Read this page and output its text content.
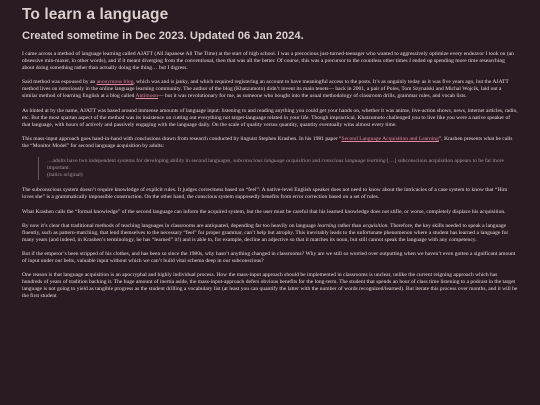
To learn a language
Created sometime in Dec 2023. Updated 06 Jan 2024.

I came across a method of language learning called AJATT (All Japanese All The Time) at the start of high school. I was a precocious just-turned-teenager who wanted to aggressively optimize every endeavor I took on (an obsessive min-maxer, in other words), and if it meant diverging from the conventional, then that was all the better. Of course, this was a precursor to the countless other times I ended up spending more time researching about doing something rather than actually doing the thing… but I digress.

Said method was espoused by an anonymous blog, which was and is janky, and which required registering an account to have meaningful access to the posts. It’s as ungainly today as it was five years ago, but the AJATT method lives on notoriously in the online language learning community. The author of the blog (Khatzumoto) didn’t invent its main tenets— back in 2001, a pair of Poles, Tom Szynalski and Michal Wojcik, laid out a similar method of learning English at a blog called Antimoon— but it was revolutionary for me, as someone who bought into the usual methodology of classroom drills, grammar rules, and vocab lists.

As hinted at by the name, AJATT was based around immense amounts of language input: listening to and reading anything you could get your hands on, whether it was anime, live-action shows, news, internet articles, radio, etc. But the most spartan aspect of the method was its insistence on cutting out everything not target-language related in your life. Though impractical, Khatzumoto challenged you to live like you were a native speaker of that language, with hours of actively and passively engaging with the language daily. On the scale of quality versus quantity, quantity eventually wins almost every time.

This mass-input approach goes hand-in-hand with conclusions drawn from research conducted by linguist Stephen Krashen. In his 1981 paper “Second Language Acquisition and Learning”, Krashen presents what he calls the “Monitor Model” for second language acquisition by adults:

…adults have two independent systems for developing ability in second languages, subconscious language acquisition and conscious language learning […] subconscious acquisition appears to be far more important.
(italics original)

The subconscious system doesn’t require knowledge of explicit rules. It judges correctness based on “feel”: A native-level English speaker does not need to know about the intricacies of a case system to know that “Him loves she” is a grammatically impossible construction. On the other hand, the conscious system supposedly benefits from error correction based on a set of rules.

What Krashen calls the “formal knowledge” of the second language can inform the acquired system, but the user must be careful that his learned knowledge does not stifle, or worse, completely displace his acquisition.

By now it’s clear that traditional methods of teaching languages in classrooms are antiquated, depending far too heavily on language learning rather than acquisition. Therefore, the key skills needed to speak a language fluently, such as pattern-matching, that lend themselves to the necessary “feel” for proper grammar, can’t help but atrophy. This inevitably leads to the unfortunate phenomenon where a student has learned a language for many years (and indeed, in Krashen’s terminology, he has “learned” it!) and is able to, for example, decline an adjective so that it matches its noun, but still cannot speak the language with any competency.

But if the emperor’s been stripped of his clothes, and has been so since the 1980s, why hasn’t anything changed in classrooms? Why are we still so worried over outputting when we haven’t even gotten a significant amount of input under our belts, valuable input without which we can’t build vital schema deep in our subconscious?

One reason is that language acquisition is an apocryphal and highly individual process. How the mass-input approach should be implemented in classrooms is unclear, unlike the current reigning approach which has hundreds of years of tradition backing it. The huge amount of inertia aside, the mass-input-approach defers obvious benefits for the long-term. The student that spends an hour of class time listening to a podcast in the target language is not going to yield as tangible progress as the student drilling a vocabulary list (at least you can quantify the latter with the number of words recognized/learned). But iterate this process over months, and it will be the first student
